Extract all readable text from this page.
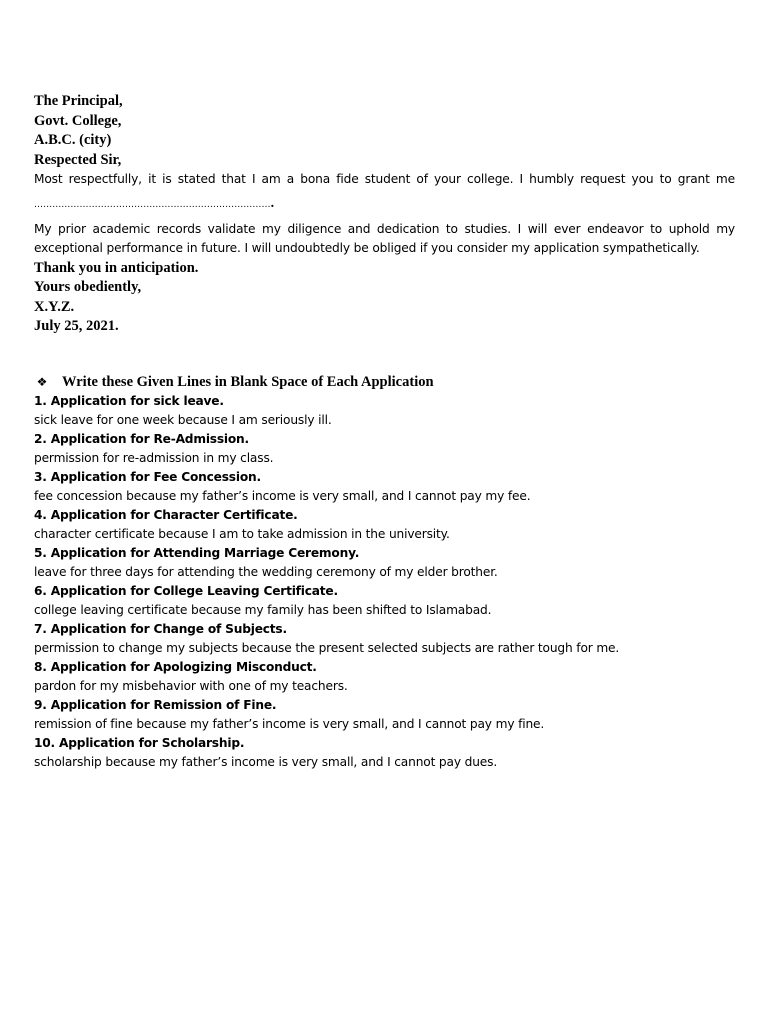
The Principal,
Govt. College,
A.B.C. (city)
Respected Sir,
Most respectfully, it is stated that I am a bona fide student of your college. I humbly request you to grant me
…………………………………………………………………….
My prior academic records validate my diligence and dedication to studies. I will ever endeavor to uphold my exceptional performance in future. I will undoubtedly be obliged if you consider my application sympathetically.
Thank you in anticipation.
Yours obediently,
X.Y.Z.
July 25, 2021.
❖ Write these Given Lines in Blank Space of Each Application
1. Application for sick leave.
sick leave for one week because I am seriously ill.
2. Application for Re-Admission.
permission for re-admission in my class.
3. Application for Fee Concession.
fee concession because my father’s income is very small, and I cannot pay my fee.
4. Application for Character Certificate.
character certificate because I am to take admission in the university.
5. Application for Attending Marriage Ceremony.
leave for three days for attending the wedding ceremony of my elder brother.
6. Application for College Leaving Certificate.
college leaving certificate because my family has been shifted to Islamabad.
7. Application for Change of Subjects.
permission to change my subjects because the present selected subjects are rather tough for me.
8. Application for Apologizing Misconduct.
pardon for my misbehavior with one of my teachers.
9. Application for Remission of Fine.
remission of fine because my father’s income is very small, and I cannot pay my fine.
10. Application for Scholarship.
scholarship because my father’s income is very small, and I cannot pay dues.
